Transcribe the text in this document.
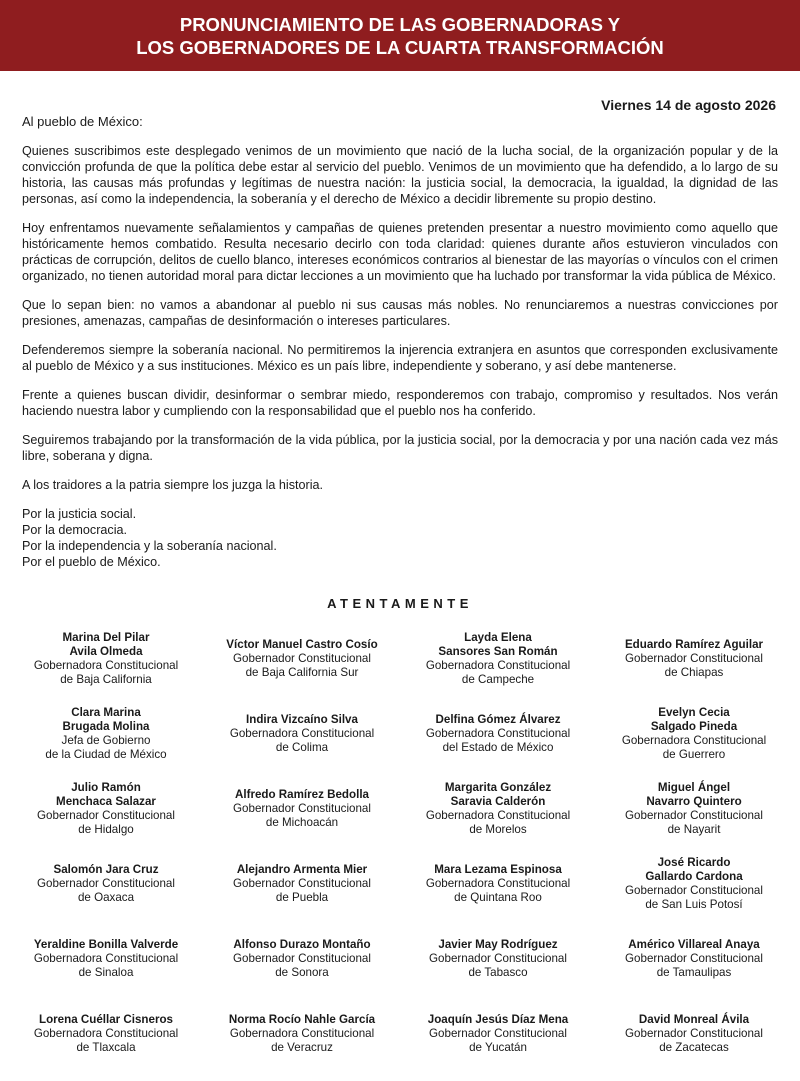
PRONUNCIAMIENTO DE LAS GOBERNADORAS Y
LOS GOBERNADORES DE LA CUARTA TRANSFORMACIÓN
Viernes 14 de agosto 2026
Al pueblo de México:

Quienes suscribimos este desplegado venimos de un movimiento que nació de la lucha social, de la organización popular y de la convicción profunda de que la política debe estar al servicio del pueblo. Venimos de un movimiento que ha defendido, a lo largo de su historia, las causas más profundas y legítimas de nuestra nación: la justicia social, la democracia, la igualdad, la dignidad de las personas, así como la independencia, la soberanía y el derecho de México a decidir libremente su propio destino.

Hoy enfrentamos nuevamente señalamientos y campañas de quienes pretenden presentar a nuestro movimiento como aquello que históricamente hemos combatido. Resulta necesario decirlo con toda claridad: quienes durante años estuvieron vinculados con prácticas de corrupción, delitos de cuello blanco, intereses económicos contrarios al bienestar de las mayorías o vínculos con el crimen organizado, no tienen autoridad moral para dictar lecciones a un movimiento que ha luchado por transformar la vida pública de México.

Que lo sepan bien: no vamos a abandonar al pueblo ni sus causas más nobles. No renunciaremos a nuestras convicciones por presiones, amenazas, campañas de desinformación o intereses particulares.

Defenderemos siempre la soberanía nacional. No permitiremos la injerencia extranjera en asuntos que corresponden exclusivamente al pueblo de México y a sus instituciones. México es un país libre, independiente y soberano, y así debe mantenerse.

Frente a quienes buscan dividir, desinformar o sembrar miedo, responderemos con trabajo, compromiso y resultados. Nos verán haciendo nuestra labor y cumpliendo con la responsabilidad que el pueblo nos ha conferido.

Seguiremos trabajando por la transformación de la vida pública, por la justicia social, por la democracia y por una nación cada vez más libre, soberana y digna.

A los traidores a la patria siempre los juzga la historia.

Por la justicia social.
Por la democracia.
Por la independencia y la soberanía nacional.
Por el pueblo de México.
ATENTAMENTE
Marina Del Pilar
Avila Olmeda
Gobernadora Constitucional
de Baja California
Víctor Manuel Castro Cosío
Gobernador Constitucional
de Baja California Sur
Layda Elena
Sansores San Román
Gobernadora Constitucional
de Campeche
Eduardo Ramírez Aguilar
Gobernador Constitucional
de Chiapas
Clara Marina
Brugada Molina
Jefa de Gobierno
de la Ciudad de México
Indira Vizcaíno Silva
Gobernadora Constitucional
de Colima
Delfina Gómez Álvarez
Gobernadora Constitucional
del Estado de México
Evelyn Cecia
Salgado Pineda
Gobernadora Constitucional
de Guerrero
Julio Ramón
Menchaca Salazar
Gobernador Constitucional
de Hidalgo
Alfredo Ramírez Bedolla
Gobernador Constitucional
de Michoacán
Margarita González
Saravia Calderón
Gobernadora Constitucional
de Morelos
Miguel Ángel
Navarro Quintero
Gobernador Constitucional
de Nayarit
Salomón Jara Cruz
Gobernador Constitucional
de Oaxaca
Alejandro Armenta Mier
Gobernador Constitucional
de Puebla
Mara Lezama Espinosa
Gobernadora Constitucional
de Quintana Roo
José Ricardo
Gallardo Cardona
Gobernador Constitucional
de San Luis Potosí
Yeraldine Bonilla Valverde
Gobernadora Constitucional
de Sinaloa
Alfonso Durazo Montaño
Gobernador Constitucional
de Sonora
Javier May Rodríguez
Gobernador Constitucional
de Tabasco
Américo Villareal Anaya
Gobernador Constitucional
de Tamaulipas
Lorena Cuéllar Cisneros
Gobernadora Constitucional
de Tlaxcala
Norma Rocío Nahle García
Gobernadora Constitucional
de Veracruz
Joaquín Jesús Díaz Mena
Gobernador Constitucional
de Yucatán
David Monreal Ávila
Gobernador Constitucional
de Zacatecas
